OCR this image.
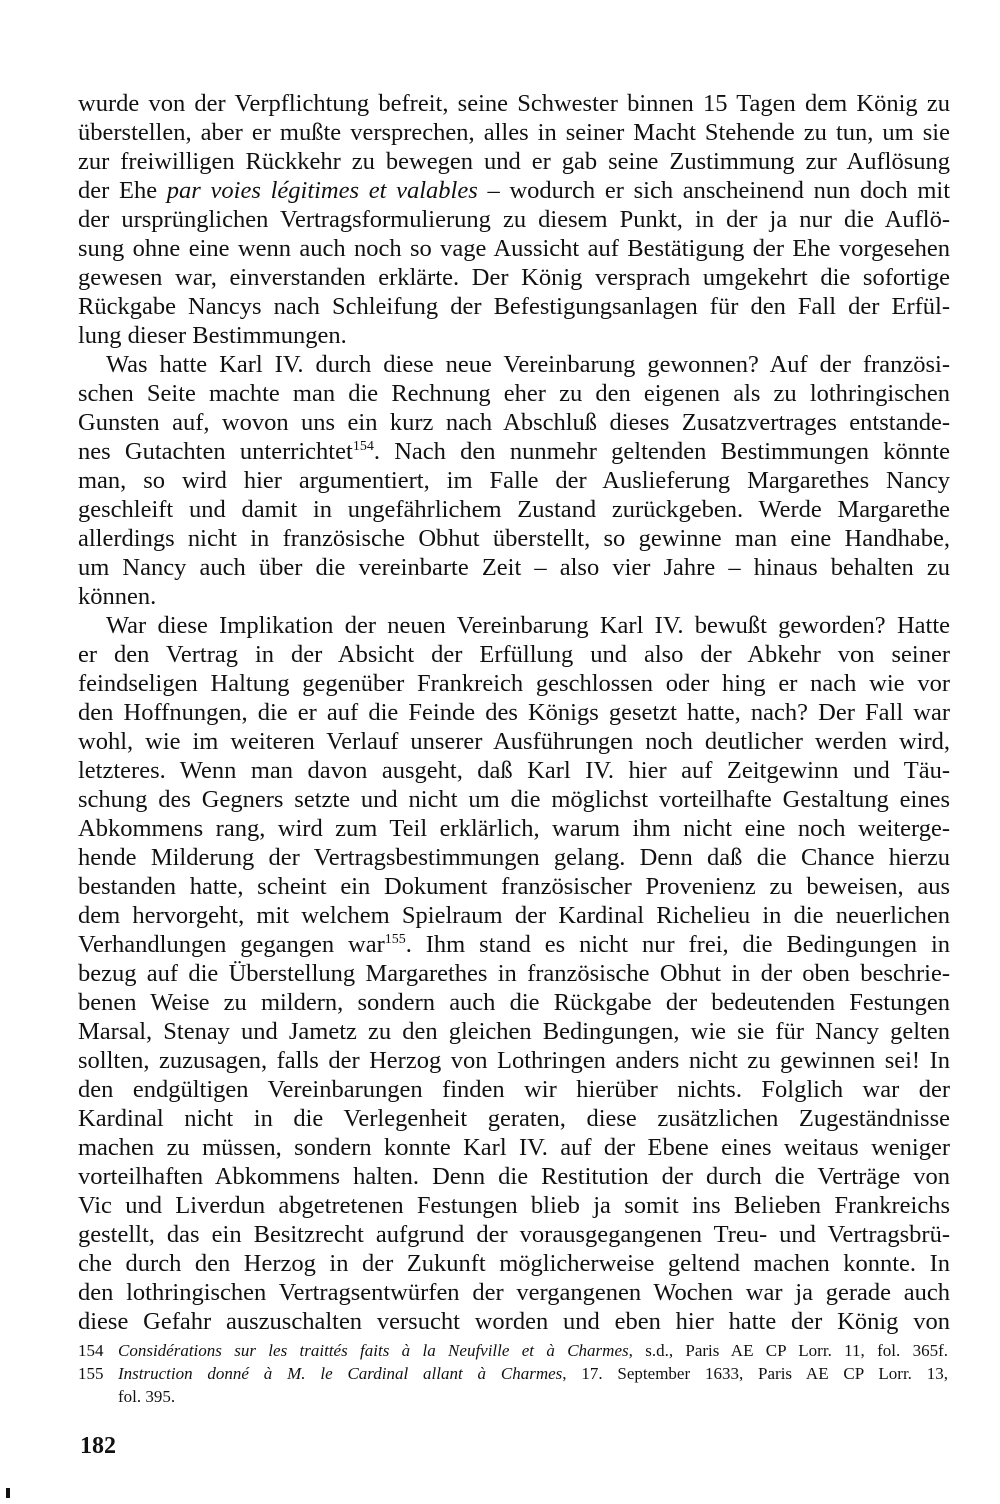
wurde von der Verpflichtung befreit, seine Schwester binnen 15 Tagen dem König zu
überstellen, aber er mußte versprechen, alles in seiner Macht Stehende zu tun, um sie
zur freiwilligen Rückkehr zu bewegen und er gab seine Zustimmung zur Auflösung
der Ehe par voies légitimes et valables – wodurch er sich anscheinend nun doch mit
der ursprünglichen Vertragsformulierung zu diesem Punkt, in der ja nur die Auflö-
sung ohne eine wenn auch noch so vage Aussicht auf Bestätigung der Ehe vorgesehen
gewesen war, einverstanden erklärte. Der König versprach umgekehrt die sofortige
Rückgabe Nancys nach Schleifung der Befestigungsanlagen für den Fall der Erfül-
lung dieser Bestimmungen.
Was hatte Karl IV. durch diese neue Vereinbarung gewonnen? Auf der französi-
schen Seite machte man die Rechnung eher zu den eigenen als zu lothringischen
Gunsten auf, wovon uns ein kurz nach Abschluß dieses Zusatzvertrages entstande-
nes Gutachten unterrichtet$^{154}$. Nach den nunmehr geltenden Bestimmungen könnte
man, so wird hier argumentiert, im Falle der Auslieferung Margarethes Nancy
geschleift und damit in ungefährlichem Zustand zurückgeben. Werde Margarethe
allerdings nicht in französische Obhut überstellt, so gewinne man eine Handhabe,
um Nancy auch über die vereinbarte Zeit – also vier Jahre – hinaus behalten zu
können.
War diese Implikation der neuen Vereinbarung Karl IV. bewußt geworden? Hatte
er den Vertrag in der Absicht der Erfüllung und also der Abkehr von seiner
feindseligen Haltung gegenüber Frankreich geschlossen oder hing er nach wie vor
den Hoffnungen, die er auf die Feinde des Königs gesetzt hatte, nach? Der Fall war
wohl, wie im weiteren Verlauf unserer Ausführungen noch deutlicher werden wird,
letzteres. Wenn man davon ausgeht, daß Karl IV. hier auf Zeitgewinn und Täu-
schung des Gegners setzte und nicht um die möglichst vorteilhafte Gestaltung eines
Abkommens rang, wird zum Teil erklärlich, warum ihm nicht eine noch weiterge-
hende Milderung der Vertragsbestimmungen gelang. Denn daß die Chance hierzu
bestanden hatte, scheint ein Dokument französischer Provenienz zu beweisen, aus
dem hervorgeht, mit welchem Spielraum der Kardinal Richelieu in die neuerlichen
Verhandlungen gegangen war$^{155}$. Ihm stand es nicht nur frei, die Bedingungen in
bezug auf die Überstellung Margarethes in französische Obhut in der oben beschrie-
benen Weise zu mildern, sondern auch die Rückgabe der bedeutenden Festungen
Marsal, Stenay und Jametz zu den gleichen Bedingungen, wie sie für Nancy gelten
sollten, zuzusagen, falls der Herzog von Lothringen anders nicht zu gewinnen sei! In
den endgültigen Vereinbarungen finden wir hierüber nichts. Folglich war der
Kardinal nicht in die Verlegenheit geraten, diese zusätzlichen Zugeständnisse
machen zu müssen, sondern konnte Karl IV. auf der Ebene eines weitaus weniger
vorteilhaften Abkommens halten. Denn die Restitution der durch die Verträge von
Vic und Liverdun abgetretenen Festungen blieb ja somit ins Belieben Frankreichs
gestellt, das ein Besitzrecht aufgrund der vorausgegangenen Treu- und Vertragsbrü-
che durch den Herzog in der Zukunft möglicherweise geltend machen konnte. In
den lothringischen Vertragsentwürfen der vergangenen Wochen war ja gerade auch
diese Gefahr auszuschalten versucht worden und eben hier hatte der König von
154 Considérations sur les traittés faits à la Neufville et à Charmes, s.d., Paris AE CP Lorr. 11, fol. 365f.
155 Instruction donné à M. le Cardinal allant à Charmes, 17. September 1633, Paris AE CP Lorr. 13,
fol. 395.
182
